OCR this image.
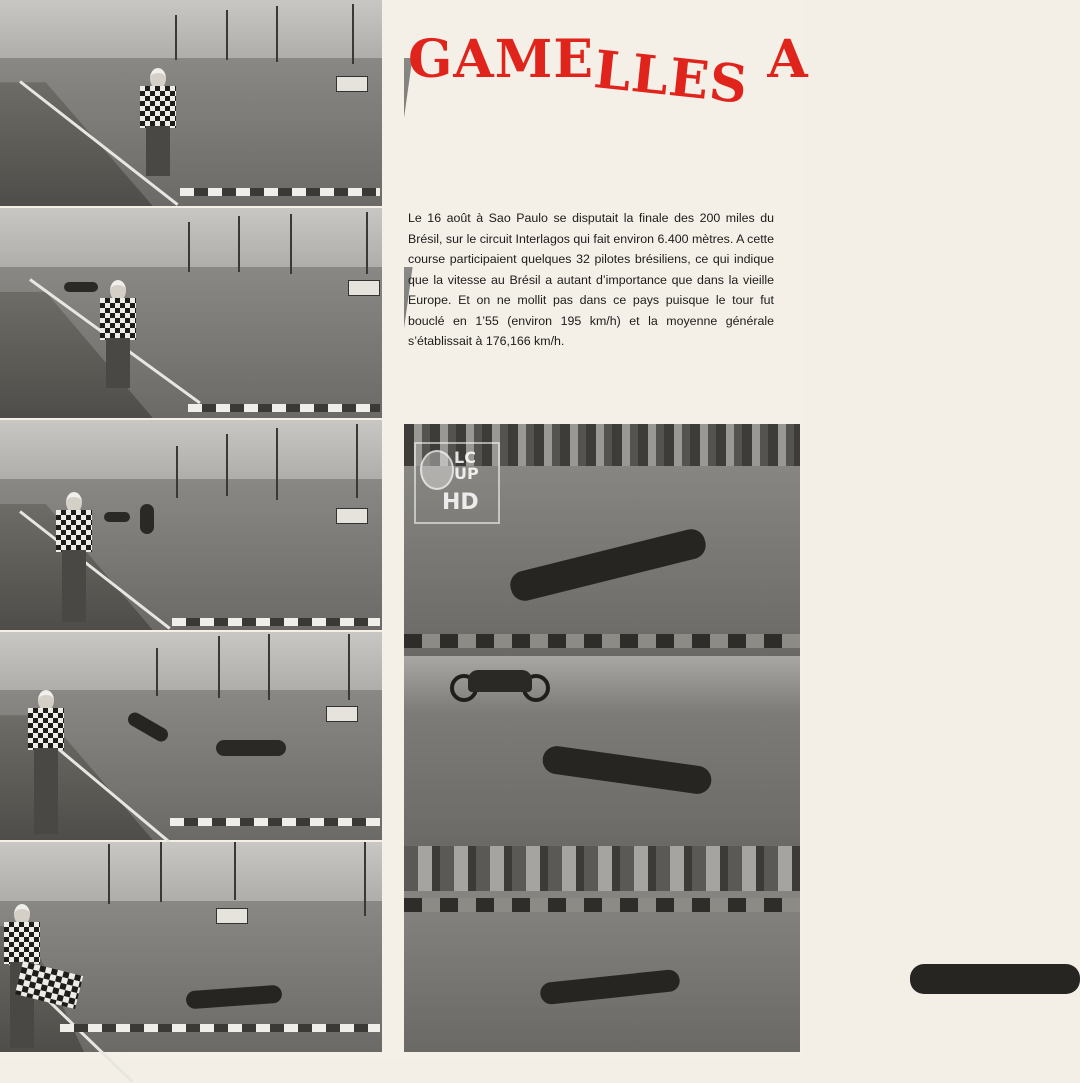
GAMELLES A

Le 16 août à Sao Paulo se disputait la finale des 200 miles du Brésil, sur le circuit Interlagos qui fait environ 6.400 mètres. A cette course participaient quelques 32 pilotes brésiliens, ce qui indique que la vitesse au Brésil a autant d’importance que dans la vieille Europe. Et on ne mollit pas dans ce pays puisque le tour fut bouclé en 1’55 (environ 195 km/h) et la moyenne générale s’établissait à 176,166 km/h.

LC
UP
HD
